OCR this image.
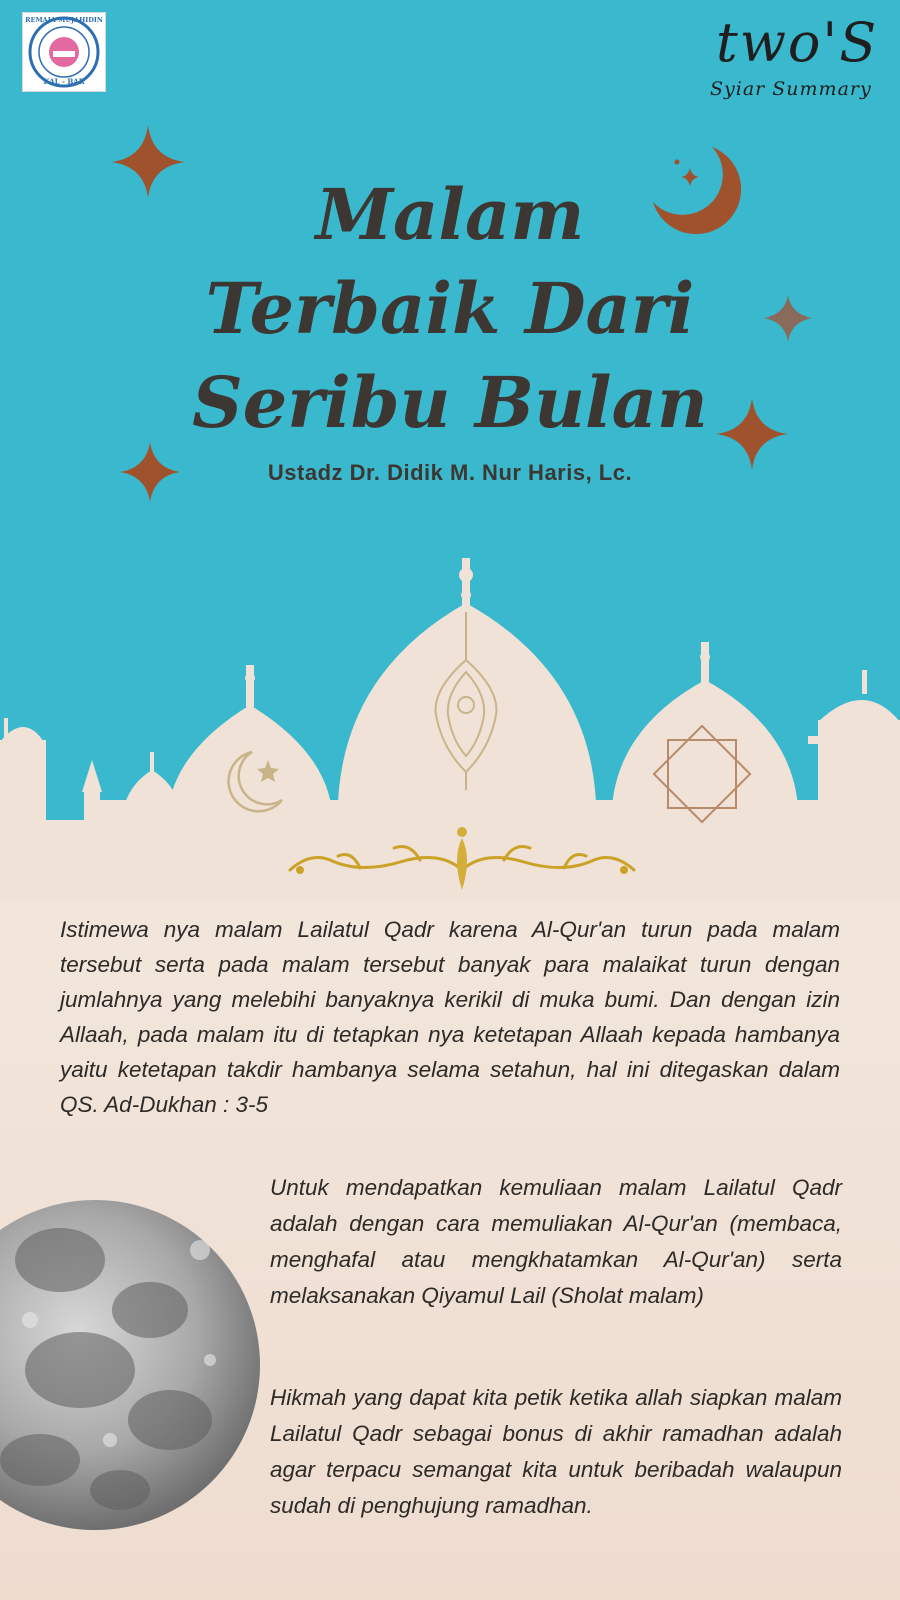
REMAJA MUJAHIDIN
KAL - BAR
two'S
Syiar Summary
Malam
Terbaik Dari
Seribu Bulan
Ustadz Dr. Didik M. Nur Haris, Lc.

Istimewa nya malam Lailatul Qadr karena Al-Qur'an turun pada malam tersebut serta pada malam tersebut banyak para malaikat turun dengan jumlahnya yang melebihi banyaknya kerikil di muka bumi. Dan dengan izin Allaah, pada malam itu di tetapkan nya ketetapan Allaah kepada hambanya yaitu ketetapan takdir hambanya selama setahun, hal ini ditegaskan dalam QS. Ad-Dukhan : 3-5

Untuk mendapatkan kemuliaan malam Lailatul Qadr adalah dengan cara memuliakan Al-Qur'an (membaca, menghafal atau mengkhatamkan Al-Qur'an) serta melaksanakan Qiyamul Lail (Sholat malam)

Hikmah yang dapat kita petik ketika allah siapkan malam Lailatul Qadr sebagai bonus di akhir ramadhan adalah agar terpacu semangat kita untuk beribadah walaupun sudah di penghujung ramadhan.
